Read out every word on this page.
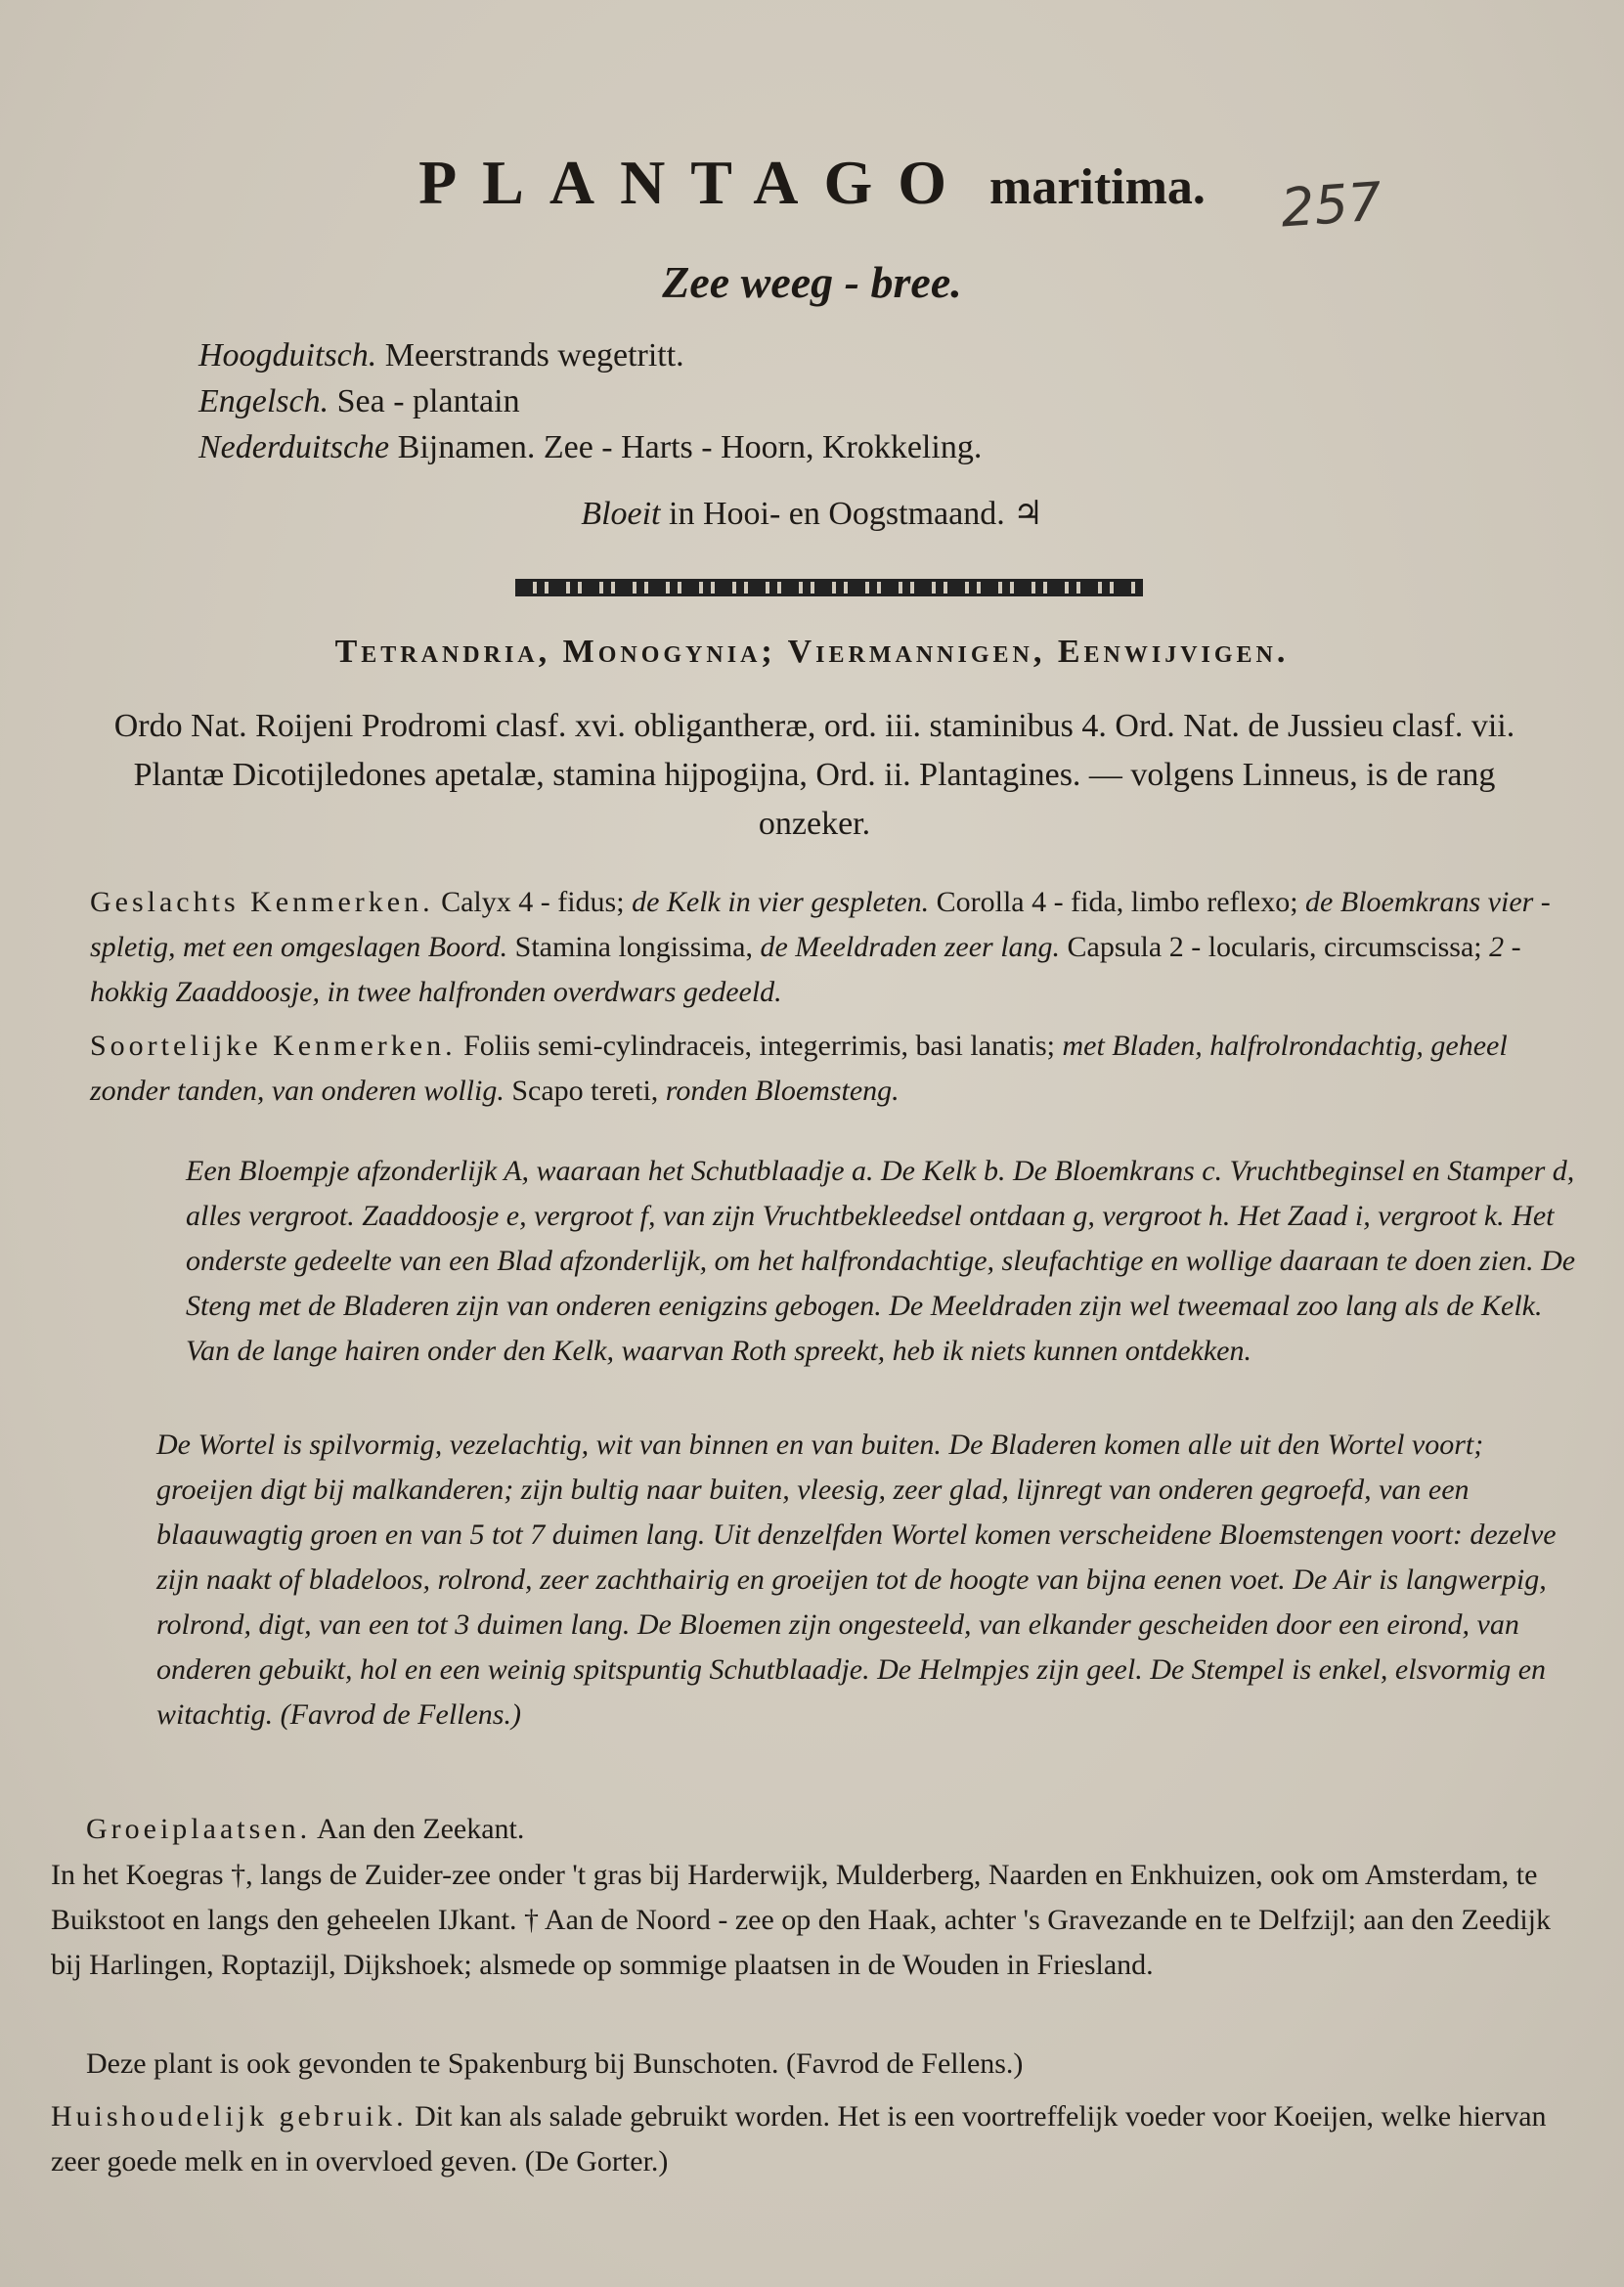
PLANTAGO maritima.	257
Zee weeg - bree.
Hoogduitsch. Meerstrands wegetritt.
Engelsch. Sea - plantain
Nederduitsche Bijnamen. Zee - Harts - Hoorn, Krokkeling.
Bloeit in Hooi- en Oogstmaand. ♃
Tetrandria, Monogynia; Viermannigen, Eenwijvigen.
Ordo Nat. Roijeni Prodromi clasf. xvi. obligantheræ, ord. iii. staminibus 4. Ord. Nat. de Jussieu clasf. vii. Plantæ Dicotijledones apetalæ, stamina hijpogijna, Ord. ii. Plantagines. — volgens Linneus, is de rang onzeker.
Geslachts Kenmerken. Calyx 4 - fidus; de Kelk in vier gespleten. Corolla 4 - fida, limbo reflexo; de Bloemkrans vier - spletig, met een omgeslagen Boord. Stamina longissima, de Meeldraden zeer lang. Capsula 2 - locularis, circumscissa; 2 - hokkig Zaaddoosje, in twee halfronden overdwars gedeeld.
Soortelijke Kenmerken. Foliis semi-cylindraceis, integerrimis, basi lanatis; met Bladen, halfrolrondachtig, geheel zonder tanden, van onderen wollig. Scapo tereti, ronden Bloemsteng.
Een Bloempje afzonderlijk A, waaraan het Schutblaadje a. De Kelk b. De Bloemkrans c. Vruchtbeginsel en Stamper d, alles vergroot. Zaaddoosje e, vergroot f, van zijn Vruchtbekleedsel ontdaan g, vergroot h. Het Zaad i, vergroot k. Het onderste gedeelte van een Blad afzonderlijk, om het halfrondachtige, sleufachtige en wollige daaraan te doen zien. De Steng met de Bladeren zijn van onderen eenigzins gebogen. De Meeldraden zijn wel tweemaal zoo lang als de Kelk. Van de lange hairen onder den Kelk, waarvan Roth spreekt, heb ik niets kunnen ontdekken.
De Wortel is spilvormig, vezelachtig, wit van binnen en van buiten. De Bladeren komen alle uit den Wortel voort; groeijen digt bij malkanderen; zijn bultig naar buiten, vleesig, zeer glad, lijnregt van onderen gegroefd, van een blaauwagtig groen en van 5 tot 7 duimen lang. Uit denzelfden Wortel komen verscheidene Bloemstengen voort: dezelve zijn naakt of bladeloos, rolrond, zeer zachthairig en groeijen tot de hoogte van bijna eenen voet. De Air is langwerpig, rolrond, digt, van een tot 3 duimen lang. De Bloemen zijn ongesteeld, van elkander gescheiden door een eirond, van onderen gebuikt, hol en een weinig spitspuntig Schutblaadje. De Helmpjes zijn geel. De Stempel is enkel, elsvormig en witachtig. (Favrod de Fellens.)
Groeiplaatsen. Aan den Zeekant.
In het Koegras †, langs de Zuider-zee onder 't gras bij Harderwijk, Mulderberg, Naarden en Enkhuizen, ook om Amsterdam, te Buikstoot en langs den geheelen IJkant. † Aan de Noord - zee op den Haak, achter 's Gravezande en te Delfzijl; aan den Zeedijk bij Harlingen, Roptazijl, Dijkshoek; alsmede op sommige plaatsen in de Wouden in Friesland.
Deze plant is ook gevonden te Spakenburg bij Bunschoten. (Favrod de Fellens.)
Huishoudelijk gebruik. Dit kan als salade gebruikt worden. Het is een voortreffelijk voeder voor Koeijen, welke hiervan zeer goede melk en in overvloed geven. (De Gorter.)
